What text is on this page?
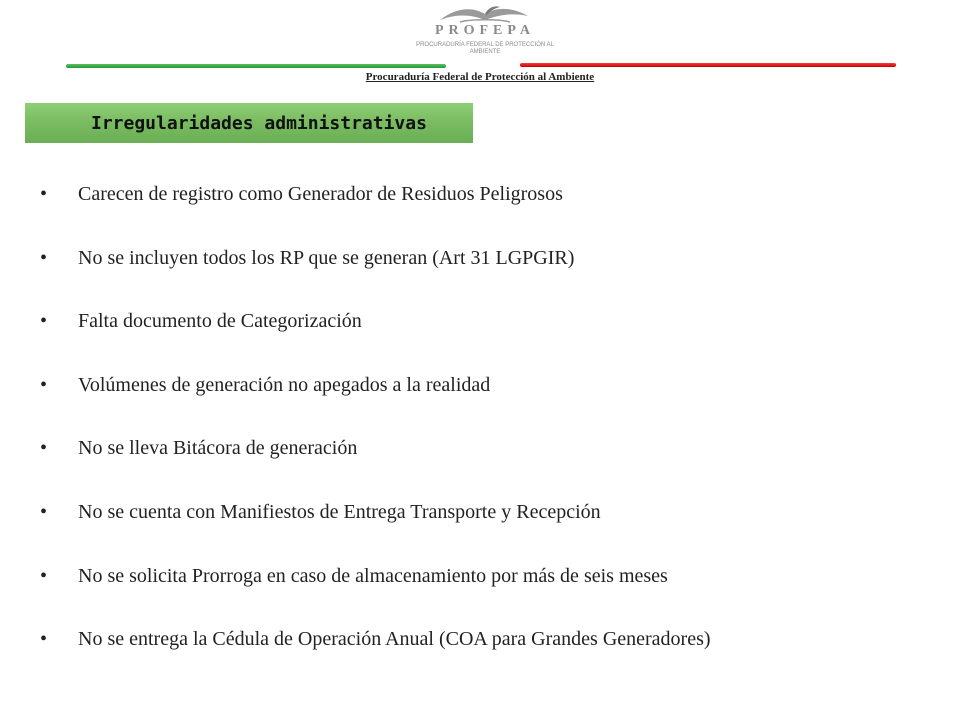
PROFEPA
PROCURADURÍA FEDERAL DE PROTECCIÓN AL AMBIENTE
Procuraduría Federal de Protección al Ambiente
Irregularidades administrativas
•	Carecen de registro como Generador de Residuos Peligrosos
•	No se incluyen todos los RP que se generan (Art 31 LGPGIR)
•	Falta documento de Categorización
•	Volúmenes de generación no apegados a la realidad
•	No se lleva Bitácora de generación
•	No se cuenta con Manifiestos de Entrega Transporte y Recepción
•	No se solicita Prorroga en caso de almacenamiento por más de seis meses
•	No se entrega la Cédula de Operación Anual (COA para Grandes Generadores)
